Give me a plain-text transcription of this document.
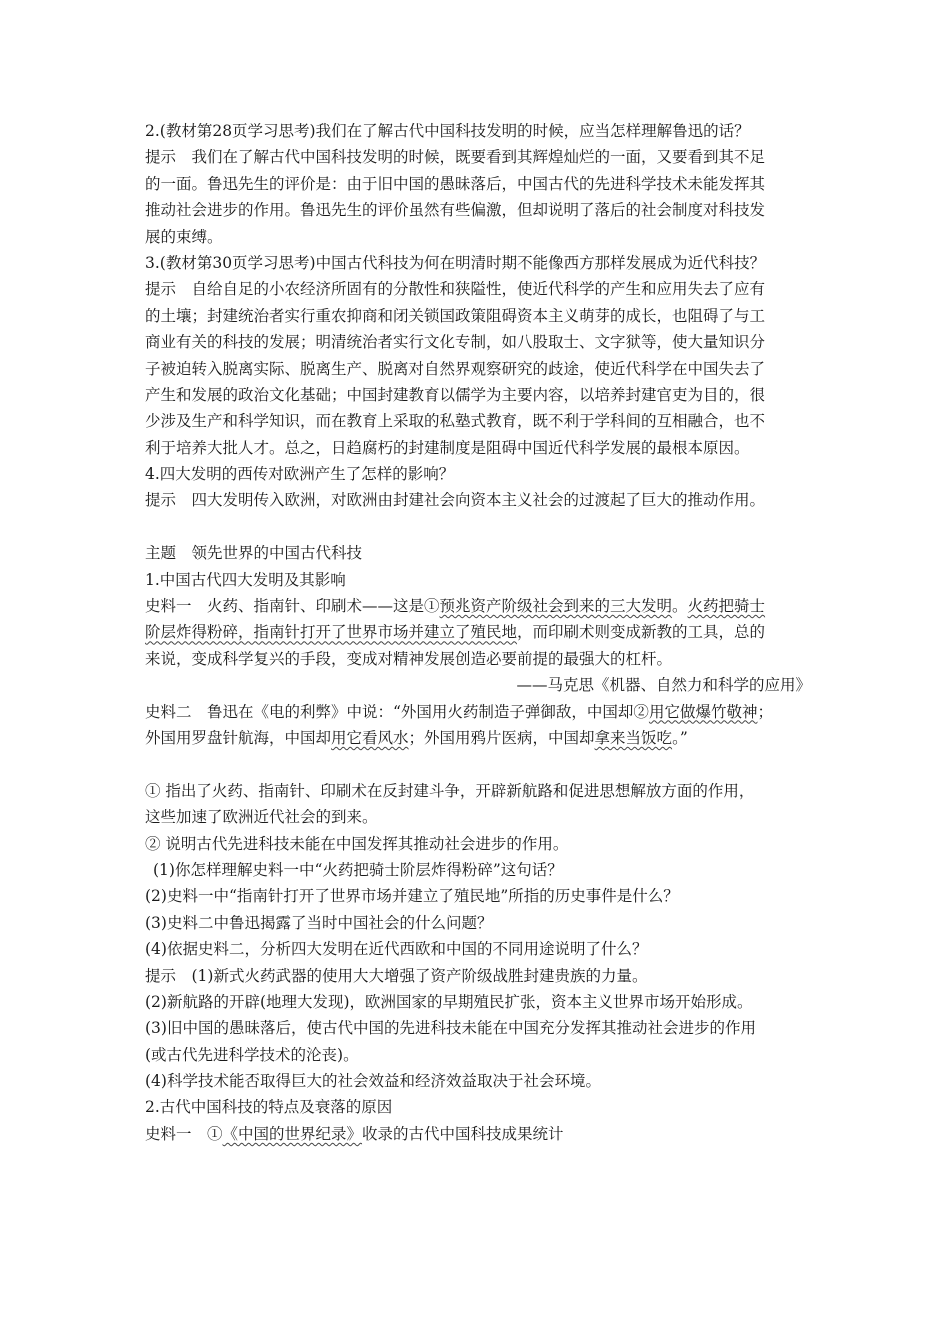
2.(教材第28页学习思考)我们在了解古代中国科技发明的时候，应当怎样理解鲁迅的话？
提示　我们在了解古代中国科技发明的时候，既要看到其辉煌灿烂的一面，又要看到其不足
的一面。鲁迅先生的评价是：由于旧中国的愚昧落后，中国古代的先进科学技术未能发挥其
推动社会进步的作用。鲁迅先生的评价虽然有些偏激，但却说明了落后的社会制度对科技发
展的束缚。
3.(教材第30页学习思考)中国古代科技为何在明清时期不能像西方那样发展成为近代科技？
提示　自给自足的小农经济所固有的分散性和狭隘性，使近代科学的产生和应用失去了应有
的土壤；封建统治者实行重农抑商和闭关锁国政策阻碍资本主义萌芽的成长，也阻碍了与工
商业有关的科技的发展；明清统治者实行文化专制，如八股取士、文字狱等，使大量知识分
子被迫转入脱离实际、脱离生产、脱离对自然界观察研究的歧途，使近代科学在中国失去了
产生和发展的政治文化基础；中国封建教育以儒学为主要内容，以培养封建官吏为目的，很
少涉及生产和科学知识，而在教育上采取的私塾式教育，既不利于学科间的互相融合，也不
利于培养大批人才。总之，日趋腐朽的封建制度是阻碍中国近代科学发展的最根本原因。
4.四大发明的西传对欧洲产生了怎样的影响？
提示　四大发明传入欧洲，对欧洲由封建社会向资本主义社会的过渡起了巨大的推动作用。
主题　领先世界的中国古代科技
1.中国古代四大发明及其影响
史料一　火药、指南针、印刷术——这是①预兆资产阶级社会到来的三大发明。火药把骑士
阶层炸得粉碎，指南针打开了世界市场并建立了殖民地，而印刷术则变成新教的工具，总的
来说，变成科学复兴的手段，变成对精神发展创造必要前提的最强大的杠杆。
——马克思《机器、自然力和科学的应用》
史料二　鲁迅在《电的利弊》中说：“外国用火药制造子弹御敌，中国却②用它做爆竹敬神；
外国用罗盘针航海，中国却用它看风水；外国用鸦片医病，中国却拿来当饭吃。”
① 指出了火药、指南针、印刷术在反封建斗争，开辟新航路和促进思想解放方面的作用，
这些加速了欧洲近代社会的到来。
② 说明古代先进科技未能在中国发挥其推动社会进步的作用。
(1)你怎样理解史料一中“火药把骑士阶层炸得粉碎”这句话？
(2)史料一中“指南针打开了世界市场并建立了殖民地”所指的历史事件是什么？
(3)史料二中鲁迅揭露了当时中国社会的什么问题？
(4)依据史料二，分析四大发明在近代西欧和中国的不同用途说明了什么？
提示　(1)新式火药武器的使用大大增强了资产阶级战胜封建贵族的力量。
(2)新航路的开辟(地理大发现)，欧洲国家的早期殖民扩张，资本主义世界市场开始形成。
(3)旧中国的愚昧落后，使古代中国的先进科技未能在中国充分发挥其推动社会进步的作用
(或古代先进科学技术的沦丧)。
(4)科学技术能否取得巨大的社会效益和经济效益取决于社会环境。
2.古代中国科技的特点及衰落的原因
史料一　①《中国的世界纪录》收录的古代中国科技成果统计
